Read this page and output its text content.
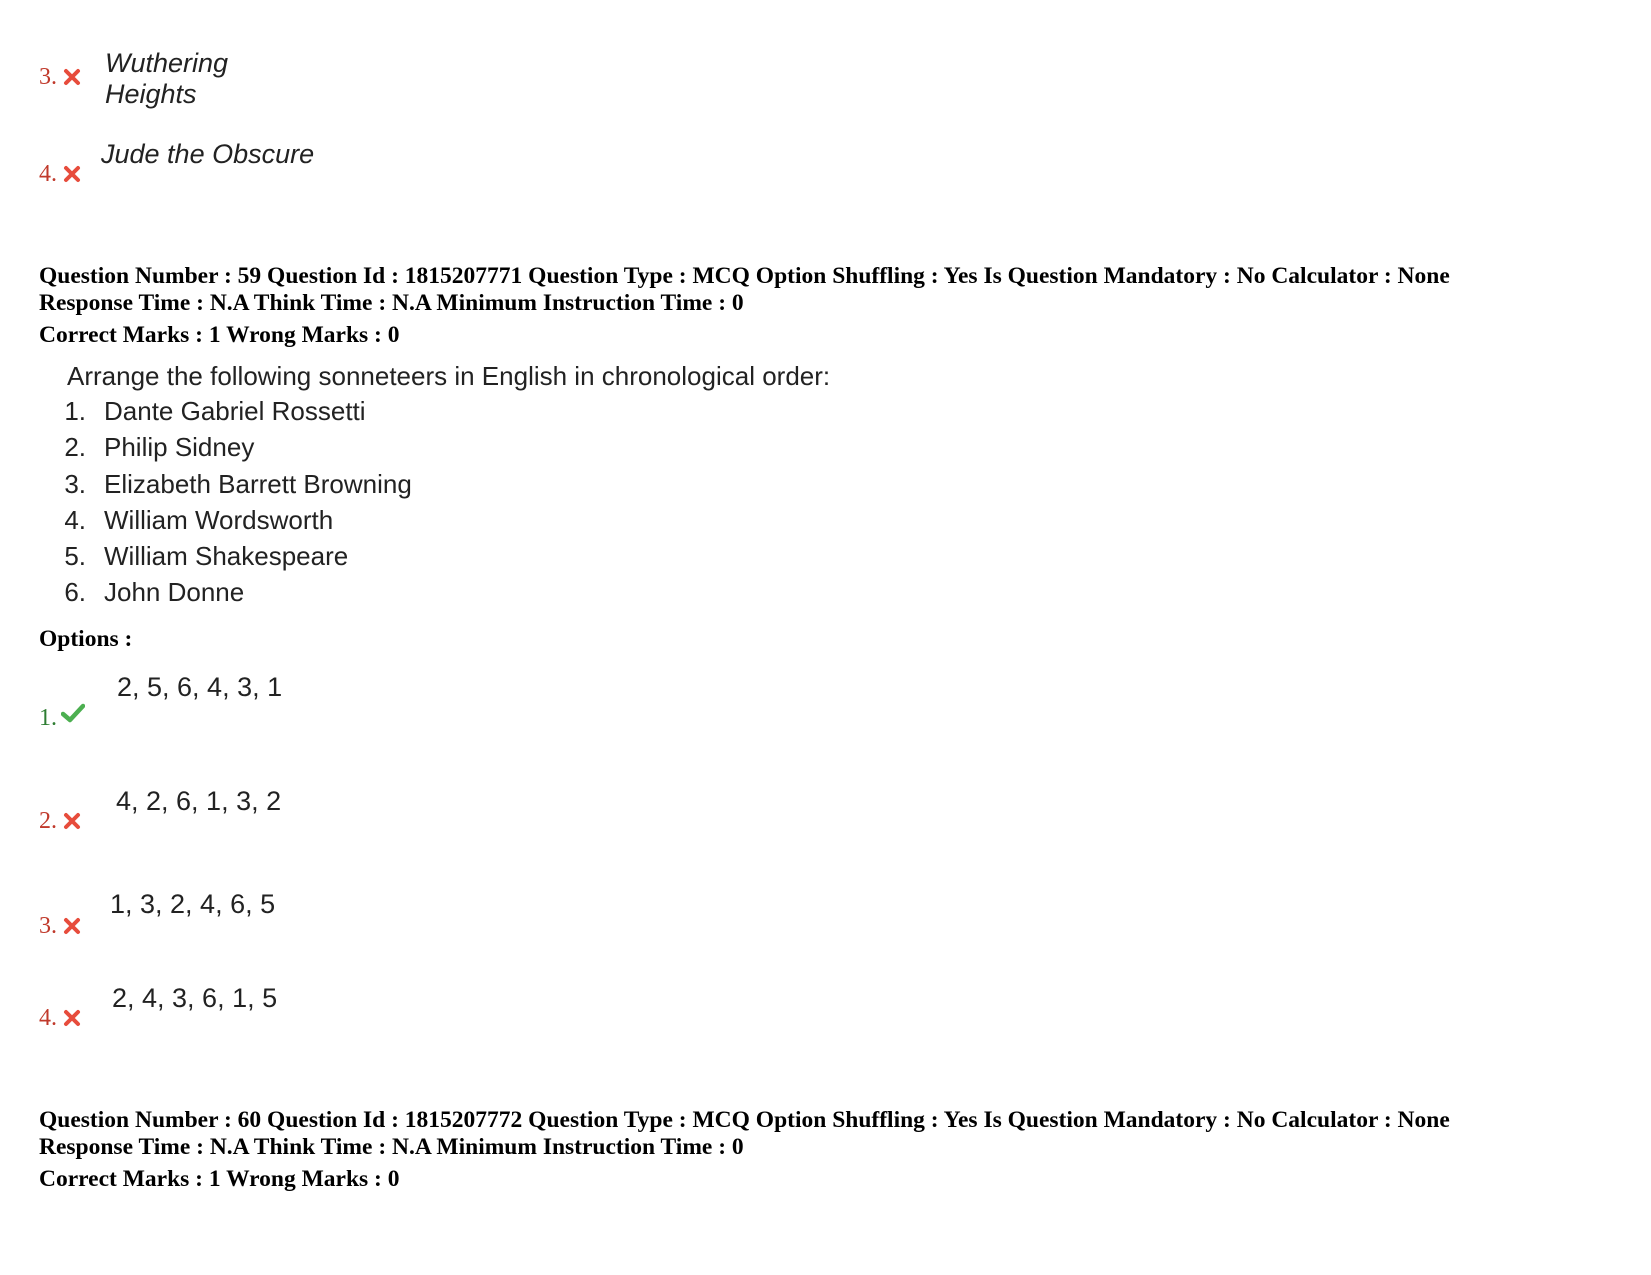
Wuthering Heights
3.
Jude the Obscure
4.
Question Number : 59 Question Id : 1815207771 Question Type : MCQ Option Shuffling : Yes Is Question Mandatory : No Calculator : None
Response Time : N.A Think Time : N.A Minimum Instruction Time : 0
Correct Marks : 1 Wrong Marks : 0
Arrange the following sonneteers in English in chronological order:
1. Dante Gabriel Rossetti
2. Philip Sidney
3. Elizabeth Barrett Browning
4. William Wordsworth
5. William Shakespeare
6. John Donne
Options :
2, 5, 6, 4, 3, 1
1.
4, 2, 6, 1, 3, 2
2.
1, 3, 2, 4, 6, 5
3.
2, 4, 3, 6, 1, 5
4.
Question Number : 60 Question Id : 1815207772 Question Type : MCQ Option Shuffling : Yes Is Question Mandatory : No Calculator : None
Response Time : N.A Think Time : N.A Minimum Instruction Time : 0
Correct Marks : 1 Wrong Marks : 0
